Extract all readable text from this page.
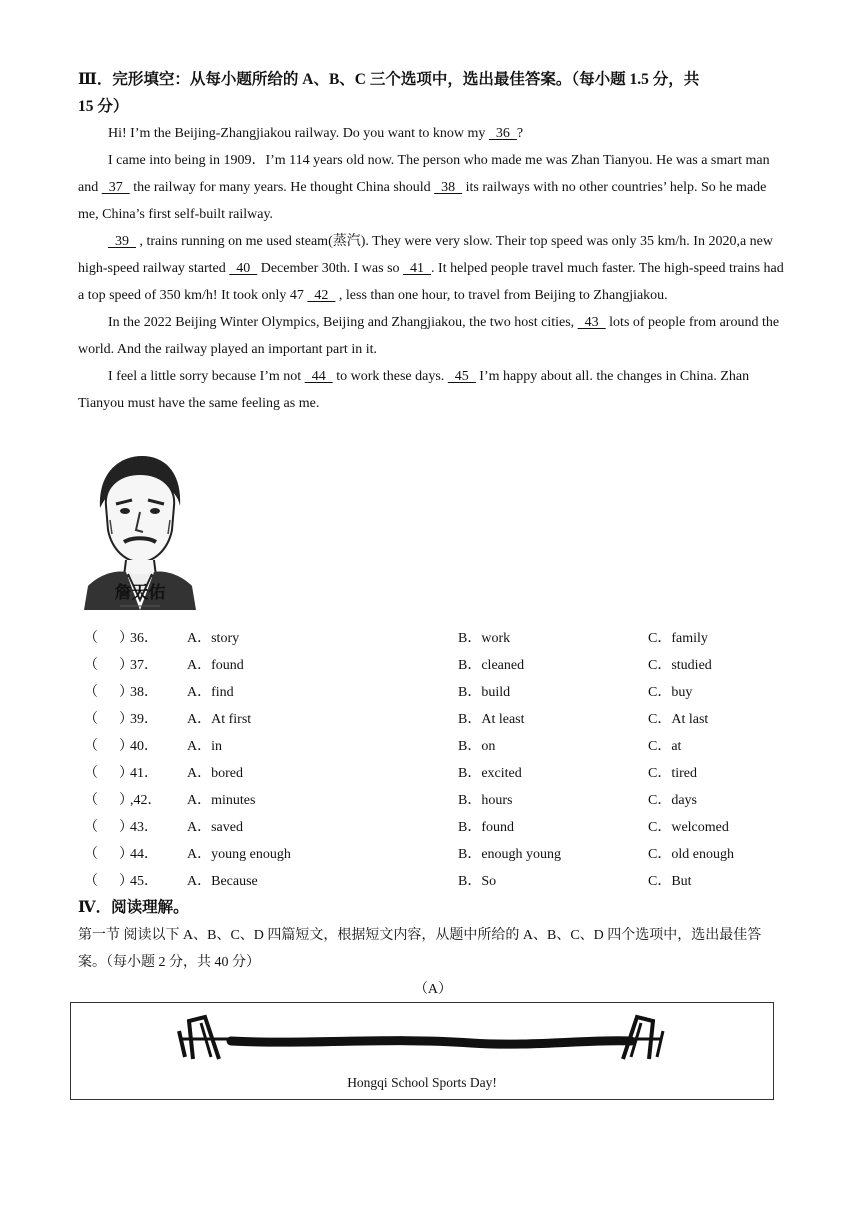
Ⅲ．完形填空：从每小题所给的 A、B、C 三个选项中，选出最佳答案。（每小题 1.5 分，共
15 分）

Hi! I’m the Beijing-Zhangjiakou railway. Do you want to know my   36  ?

I came into being in 1909．I’m 114 years old now. The person who made me was Zhan Tianyou. He was a smart man and   37   the railway for many years. He thought China should   38   its railways with no other countries’ help. So he made me, China’s first self-built railway.

39   , trains running on me used steam(蒸汽). They were very slow. Their top speed was only 35 km/h. In 2020,a new high-speed railway started   40   December 30th. I was so   41  . It helped people travel much faster. The high-speed trains had a top speed of 350 km/h! It took only 47   42   , less than one hour, to travel from Beijing to Zhangjiakou.

In the 2022 Beijing Winter Olympics, Beijing and Zhangjiakou, the two host cities,   43   lots of people from around the world. And the railway played an important part in it.

I feel a little sorry because I’m not   44   to work these days.   45   I’m happy about all. the changes in China. Zhan Tianyou must have the same feeling as me.

詹天佑
（      ）
36． A．story	B．work	C．family
（      ）
37． A．found	B．cleaned	C．studied
（      ）
38． A．find	B．build	C．buy
（      ）
39． A．At first	B．At least	C．At last
（      ）
40． A．in	B．on	C．at
（      ）
41． A．bored	B．excited	C．tired
（      ）
,42． A．minutes	B．hours	C．days
（      ）
43． A．saved	B．found	C．welcomed
（      ）
44． A．young enough	B．enough young	C．old enough
（      ）
45． A．Because	B．So	C．But
Ⅳ．阅读理解。
第一节 阅读以下 A、B、C、D 四篇短文，根据短文内容，从题中所给的 A、B、C、D 四个选项中，选出最佳答案。（每小题 2 分，共 40 分）
（A）
Hongqi School Sports Day!
